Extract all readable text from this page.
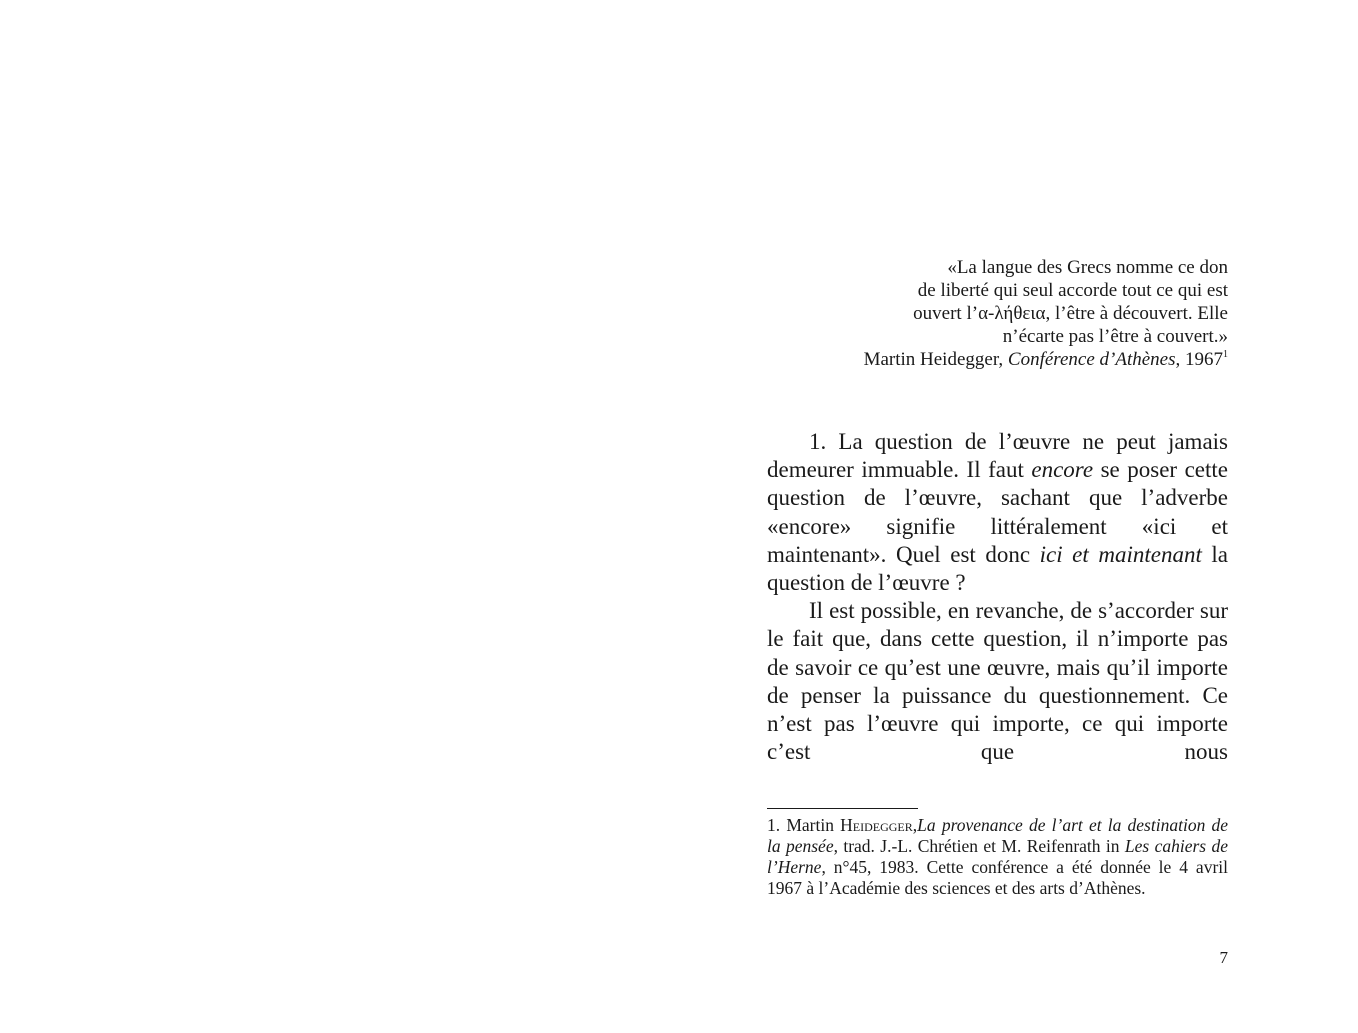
«La langue des Grecs nomme ce don
de liberté qui seul accorde tout ce qui est
ouvert l’α-λήθεια, l’être à découvert. Elle
n’écarte pas l’être à couvert.»
Martin Heidegger, Conférence d’Athènes, 1967$^1$

1. La question de l’œuvre ne peut jamais demeurer immuable. Il faut encore se poser cette question de l’œuvre, sachant que l’adverbe «encore» signifie littéralement «ici et maintenant». Quel est donc ici et maintenant la question de l’œuvre ?

Il est possible, en revanche, de s’accorder sur le fait que, dans cette question, il n’importe pas de savoir ce qu’est une œuvre, mais qu’il importe de penser la puissance du questionnement. Ce n’est pas l’œuvre qui importe, ce qui importe c’est que nous

1. Martin Heidegger,La provenance de l’art et la destination de la pensée, trad. J.-L. Chrétien et M. Reifenrath in Les cahiers de l’Herne, n°45, 1983. Cette conférence a été donnée le 4 avril 1967 à l’Académie des sciences et des arts d’Athènes.
7
